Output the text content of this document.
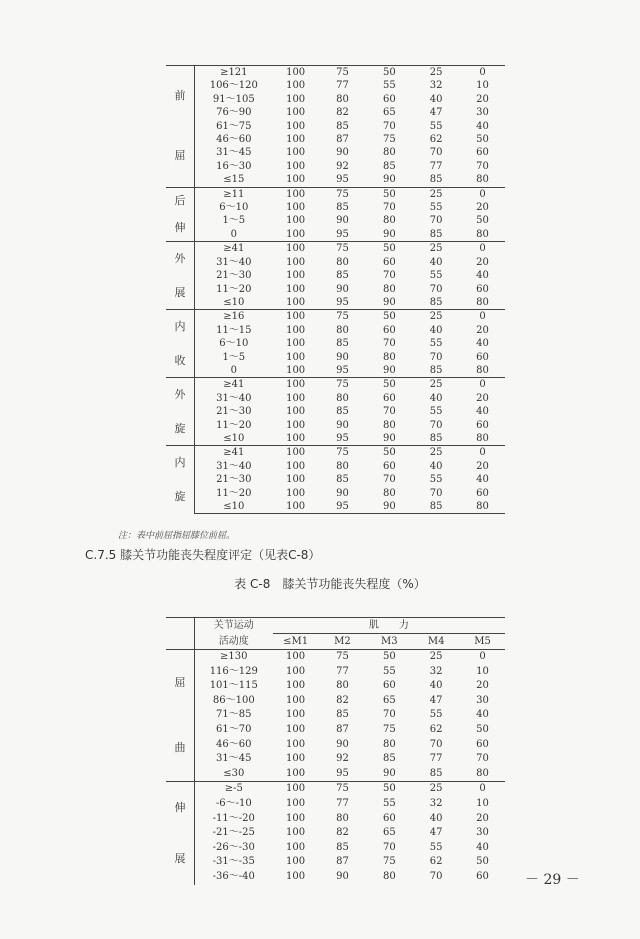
前
屈	≥121	100	75	50	25	0
	106～120	100	77	55	32	10
	91～105	100	80	60	40	20
	76～90	100	82	65	47	30
	61～75	100	85	70	55	40
	46～60	100	87	75	62	50
	31～45	100	90	80	70	60
	16～30	100	92	85	77	70
	≤15	100	95	90	85	80

后
伸	≥11	100	75	50	25	0
	6～10	100	85	70	55	20
	1～5	100	90	80	70	50
	0	100	95	90	85	80

外
展	≥41	100	75	50	25	0
	31～40	100	80	60	40	20
	21～30	100	85	70	55	40
	11～20	100	90	80	70	60
	≤10	100	95	90	85	80

内
收	≥16	100	75	50	25	0
	11～15	100	80	60	40	20
	6～10	100	85	70	55	40
	1～5	100	90	80	70	60
	0	100	95	90	85	80

外
旋	≥41	100	75	50	25	0
	31～40	100	80	60	40	20
	21～30	100	85	70	55	40
	11～20	100	90	80	70	60
	≤10	100	95	90	85	80

内
旋	≥41	100	75	50	25	0
	31～40	100	80	60	40	20
	21～30	100	85	70	55	40
	11～20	100	90	80	70	60
	≤10	100	95	90	85	80
注：表中前屈指屈膝位前屈。
C.7.5 膝关节功能丧失程度评定（见表C-8）
表 C-8　膝关节功能丧失程度（%）
	关节运动	肌　　力				
	活动度	≤M1	M2	M3	M4	M5

屈
曲	≥130	100	75	50	25	0
	116～129	100	77	55	32	10
	101～115	100	80	60	40	20
	86～100	100	82	65	47	30
	71～85	100	85	70	55	40
	61～70	100	87	75	62	50
	46～60	100	90	80	70	60
	31～45	100	92	85	77	70
	≤30	100	95	90	85	80

伸
展	≥-5	100	75	50	25	0
	-6～-10	100	77	55	32	10
	-11～-20	100	80	60	40	20
	-21～-25	100	82	65	47	30
	-26～-30	100	85	70	55	40
	-31～-35	100	87	75	62	50
	-36～-40	100	90	80	70	60	－ 29 －
